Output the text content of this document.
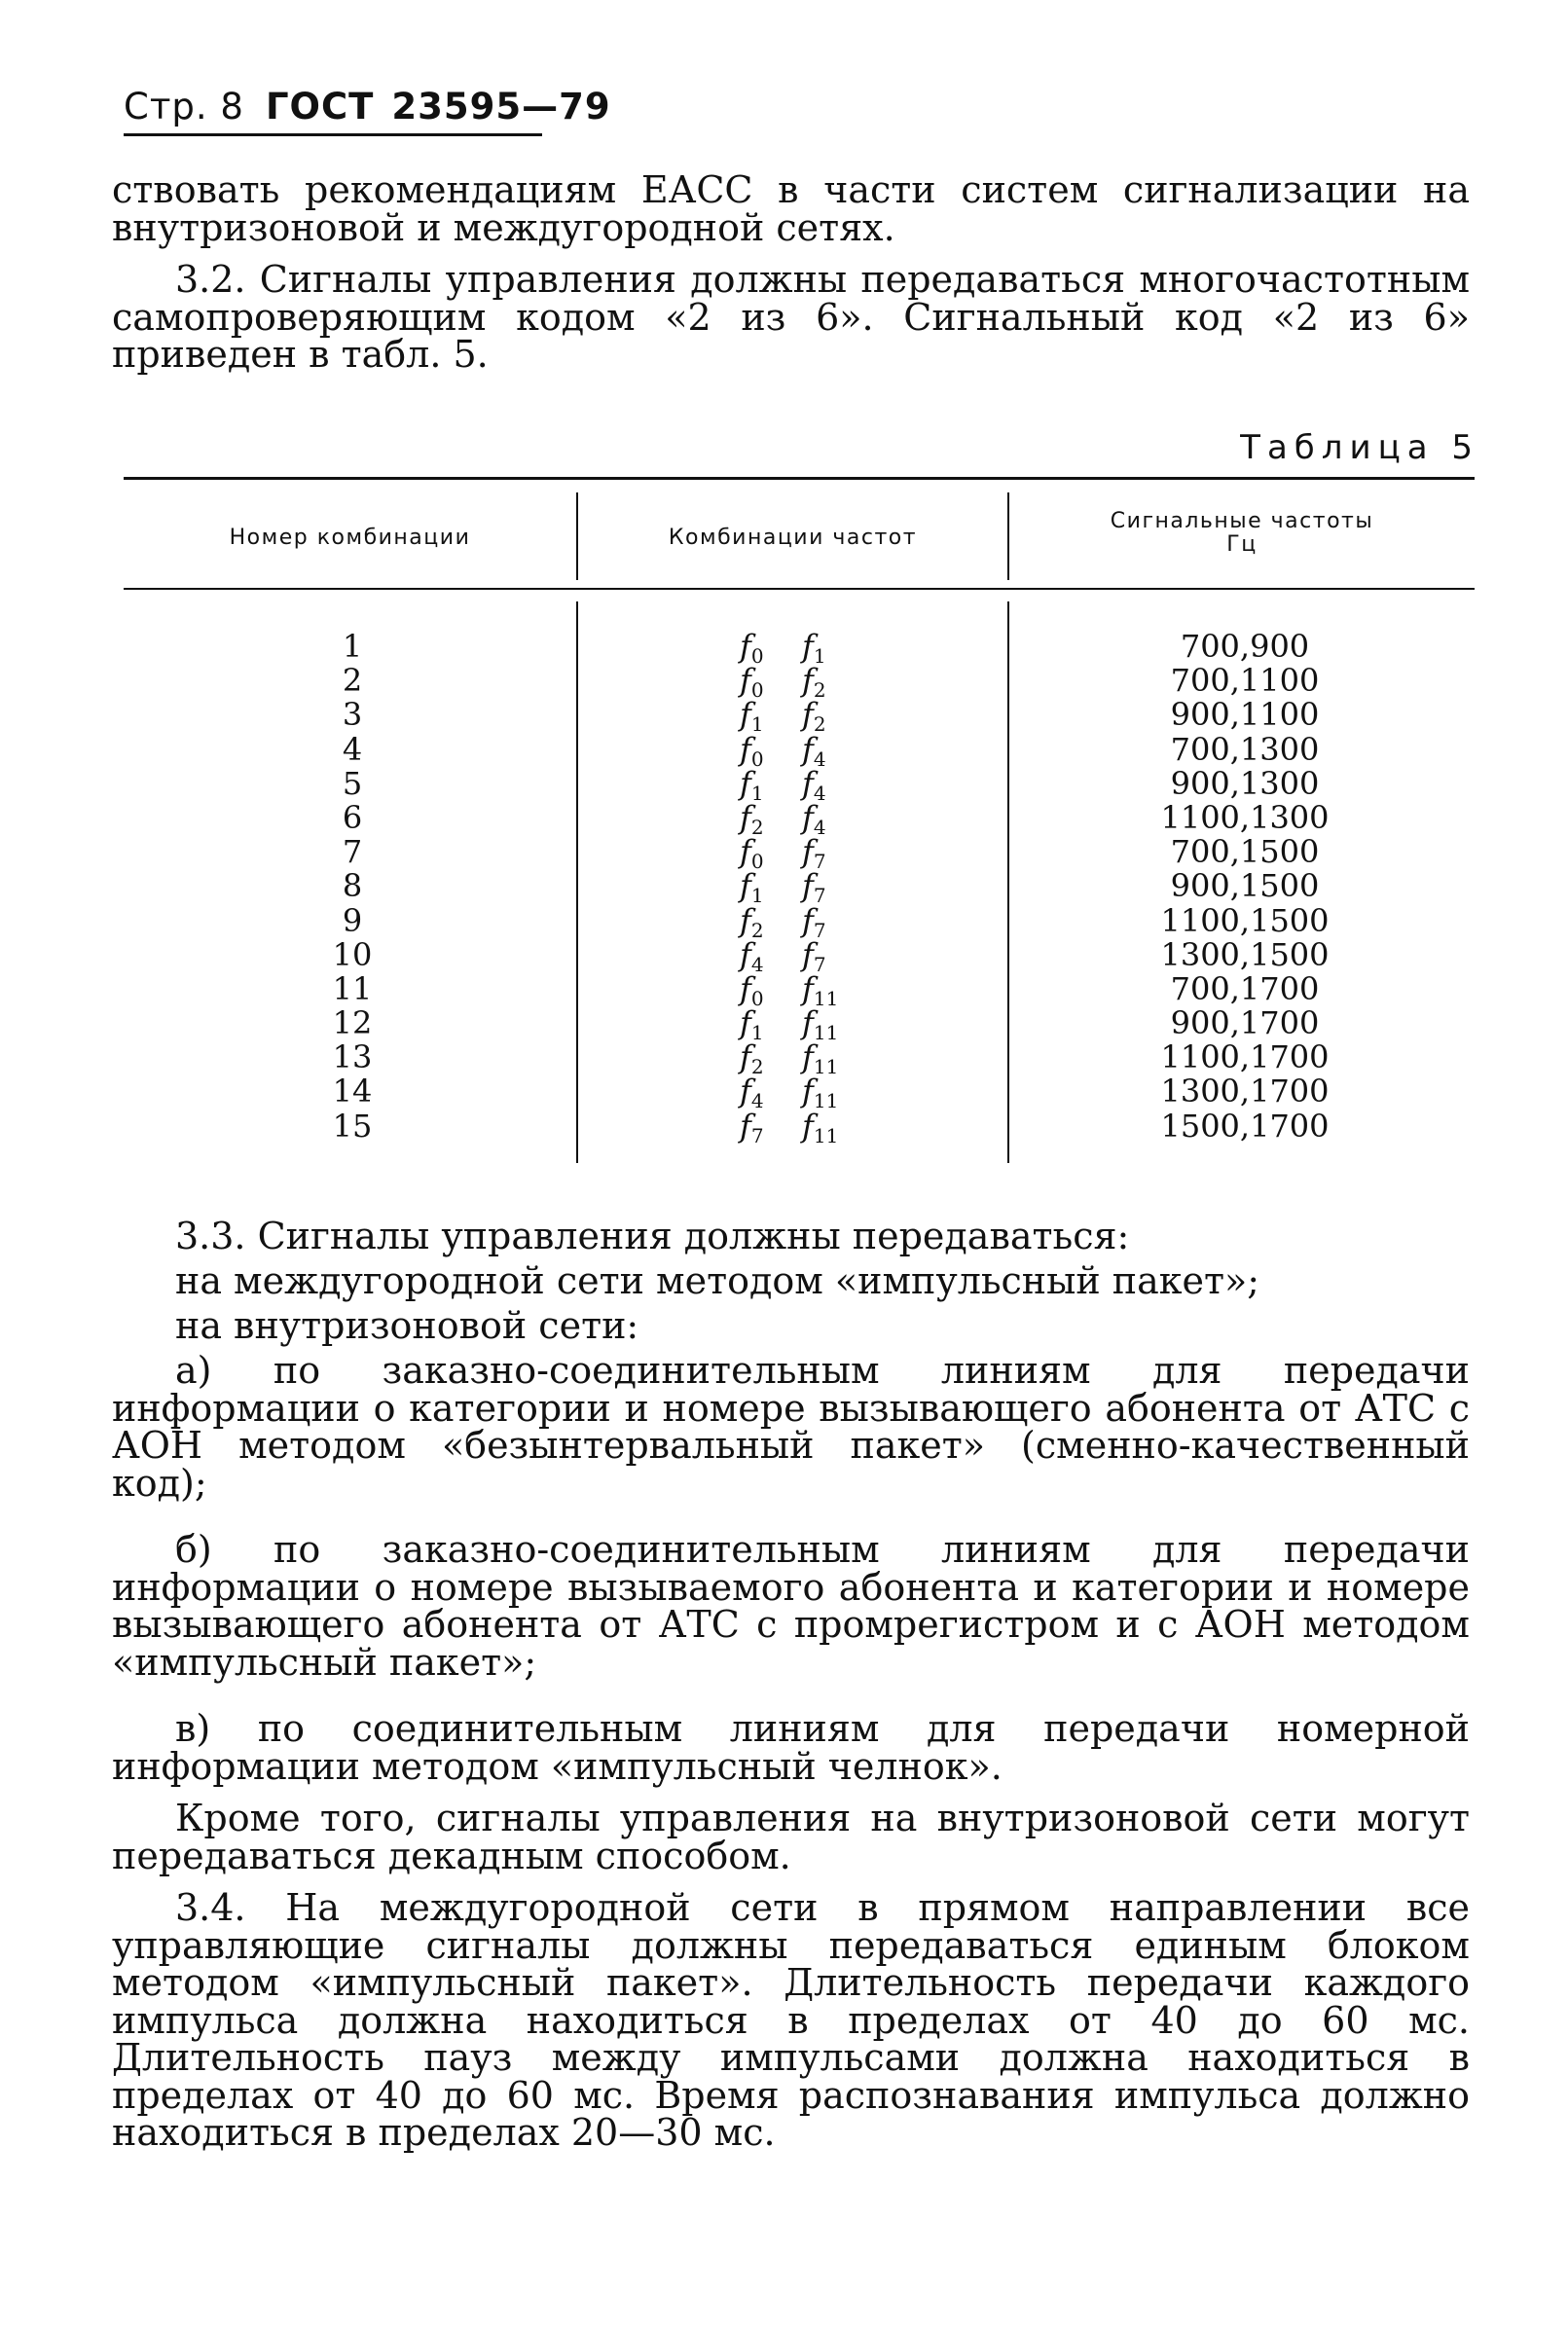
Стр. 8 ГОСТ 23595—79
ствовать рекомендациям ЕАСС в части систем сигнализации на внутризоновой и междугородной сетях.
3.2. Сигналы управления должны передаваться многочастотным самопроверяющим кодом «2 из 6». Сигнальный код «2 из 6» приведен в табл. 5.
Таблица 5
Номер комбинации	Комбинации частот
Сигнальные частоты
Гц
1
2
3
4
5
6
7
8
9
10
11
12
13
14
15
$f_0$ $f_1$
$f_0$ $f_2$
$f_1$ $f_2$
$f_0$ $f_4$
$f_1$ $f_4$
$f_2$ $f_4$
$f_0$ $f_7$
$f_1$ $f_7$
$f_2$ $f_7$
$f_4$ $f_7$
$f_0$ $f_{11}$
$f_1$ $f_{11}$
$f_2$ $f_{11}$
$f_4$ $f_{11}$
$f_7$ $f_{11}$
700,900
700,1100
900,1100
700,1300
900,1300
1100,1300
700,1500
900,1500
1100,1500
1300,1500
700,1700
900,1700
1100,1700
1300,1700
1500,1700
3.3. Сигналы управления должны передаваться:
на междугородной сети методом «импульсный пакет»;
на внутризоновой сети:
а) по заказно-соединительным линиям для передачи информации о категории и номере вызывающего абонента от АТС с АОН методом «безынтервальный пакет» (сменно-качественный код);
б) по заказно-соединительным линиям для передачи информации о номере вызываемого абонента и категории и номере вызывающего абонента от АТС с промрегистром и с АОН методом «импульсный пакет»;
в) по соединительным линиям для передачи номерной информации методом «импульсный челнок».
Кроме того, сигналы управления на внутризоновой сети могут передаваться декадным способом.
3.4. На междугородной сети в прямом направлении все управляющие сигналы должны передаваться единым блоком методом «импульсный пакет». Длительность передачи каждого импульса должна находиться в пределах от 40 до 60 мс. Длительность пауз между импульсами должна находиться в пределах от 40 до 60 мс. Время распознавания импульса должно находиться в пределах 20—30 мс.
